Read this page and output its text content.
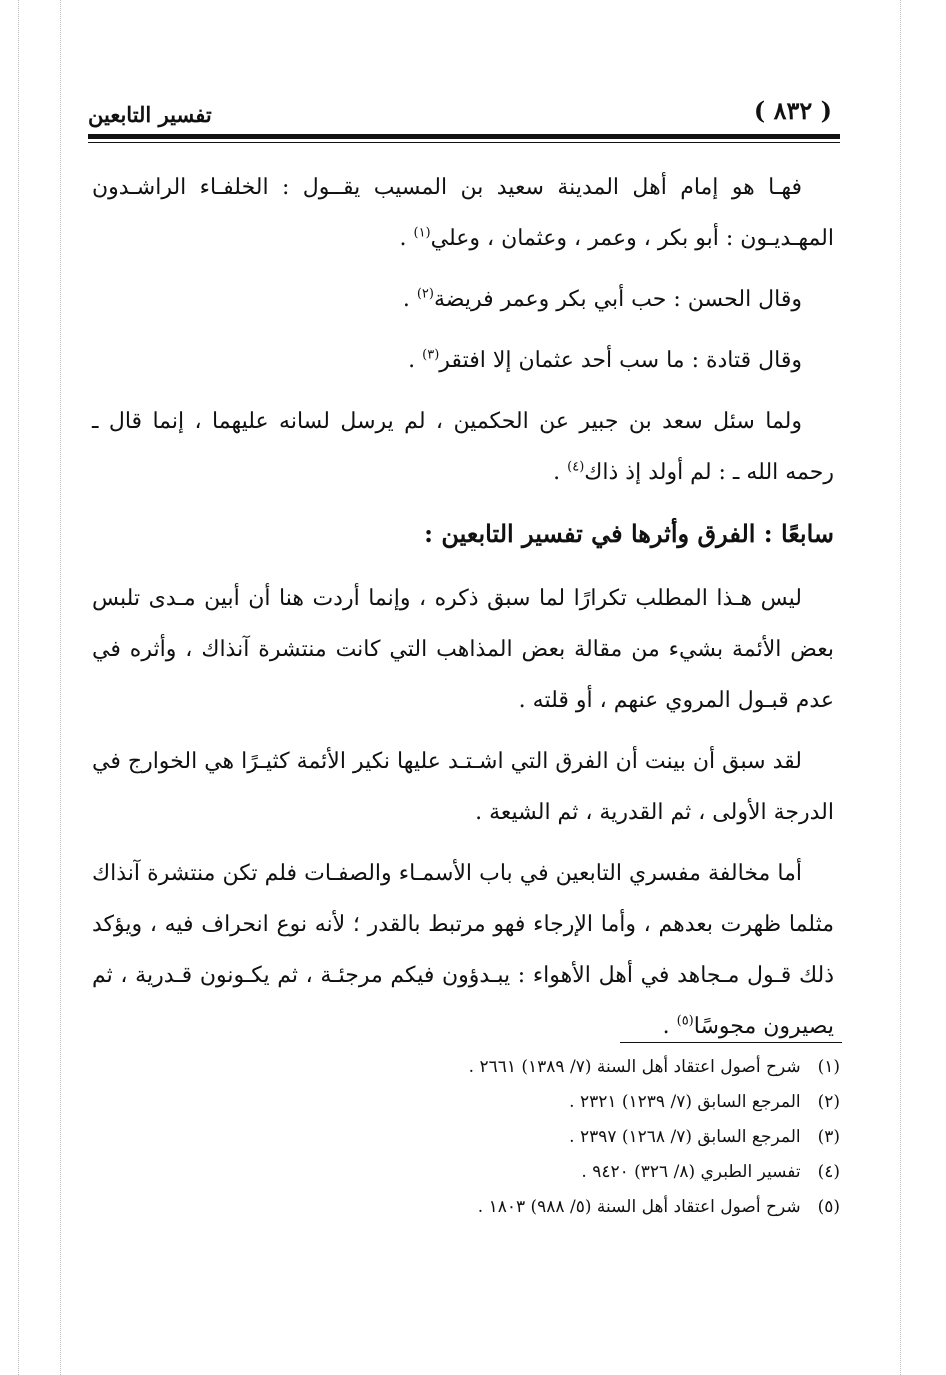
( ٨٣٢ )
تفسير التابعين

فهـا هو إمام أهل المدينة سعيد بن المسيب يقــول : الخلفـاء الراشـدون المهـديـون : أبو بكر ، وعمر ، وعثمان ، وعلي$^{(١)}$ .

وقال الحسن : حب أبي بكر وعمر فريضة$^{(٢)}$ .

وقال قتادة : ما سب أحد عثمان إلا افتقر$^{(٣)}$ .

ولما سئل سعد بن جبير عن الحكمين ، لم يرسل لسانه عليهما ، إنما قال ـ رحمه الله ـ : لم أولد إذ ذاك$^{(٤)}$ .

سابعًا : الفرق وأثرها في تفسير التابعين :

ليس هـذا المطلب تكرارًا لما سبق ذكره ، وإنما أردت هنا أن أبين مـدى تلبس بعض الأئمة بشيء من مقالة بعض المذاهب التي كانت منتشرة آنذاك ، وأثره في عدم قبـول المروي عنهم ، أو قلته .

لقد سبق أن بينت أن الفرق التي اشـتـد عليها نكير الأئمة كثيـرًا هي الخوارج في الدرجة الأولى ، ثم القدرية ، ثم الشيعة .

أما مخالفة مفسري التابعين في باب الأسمـاء والصفـات فلم تكن منتشرة آنذاك مثلما ظهرت بعدهم ، وأما الإرجاء فهو مرتبط بالقدر ؛ لأنه نوع انحراف فيه ، ويؤكد ذلك قـول مـجاهد في أهل الأهواء : يبـدؤون فيكم مرجئـة ، ثم يكـونون قـدرية ، ثم يصيرون مجوسًا$^{(٥)}$ .

(١) شرح أصول اعتقاد أهل السنة (٧/ ١٣٨٩) ٢٦٦١ .
(٢) المرجع السابق (٧/ ١٢٣٩) ٢٣٢١ .
(٣) المرجع السابق (٧/ ١٢٦٨) ٢٣٩٧ .
(٤) تفسير الطبري (٨/ ٣٢٦) ٩٤٢٠ .
(٥) شرح أصول اعتقاد أهل السنة (٥/ ٩٨٨) ١٨٠٣ .
